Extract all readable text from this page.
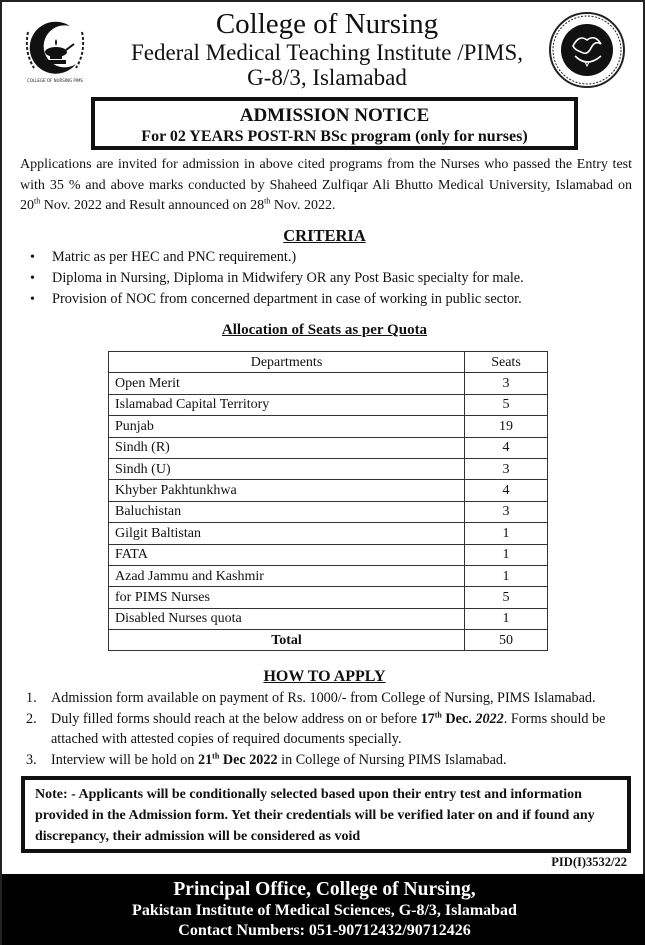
COLLEGE OF NURSING PIMS
College of Nursing
Federal Medical Teaching Institute /PIMS,
G-8/3, Islamabad
ADMISSION NOTICE
For 02 YEARS POST-RN BSc program (only for nurses)

Applications are invited for admission in above cited programs from the Nurses who passed the Entry test with 35 % and above marks conducted by Shaheed Zulfiqar Ali Bhutto Medical University, Islamabad on 20th Nov. 2022 and Result announced on 28th Nov. 2022.

CRITERIA
• Matric as per HEC and PNC requirement.)
• Diploma in Nursing, Diploma in Midwifery OR any Post Basic specialty for male.
• Provision of NOC from concerned department in case of working in public sector.
Allocation of Seats as per Quota
Departments	Seats
Open Merit	3
Islamabad Capital Territory	5
Punjab	19
Sindh (R)	4
Sindh (U)	3
Khyber Pakhtunkhwa	4
Baluchistan	3
Gilgit Baltistan	1
FATA	1
Azad Jammu and Kashmir	1
for PIMS Nurses	5
Disabled Nurses quota	1
Total	50
HOW TO APPLY
1. Admission form available on payment of Rs. 1000/- from College of Nursing, PIMS Islamabad.
2. Duly filled forms should reach at the below address on or before 17th Dec. 2022. Forms should be attached with attested copies of required documents specially.
3. Interview will be hold on 21th Dec 2022 in College of Nursing PIMS Islamabad.
Note: - Applicants will be conditionally selected based upon their entry test and information provided in the Admission form. Yet their credentials will be verified later on and if found any discrepancy, their admission will be considered as void
PID(I)3532/22
Principal Office, College of Nursing,
Pakistan Institute of Medical Sciences, G-8/3, Islamabad
Contact Numbers: 051-90712432/90712426
